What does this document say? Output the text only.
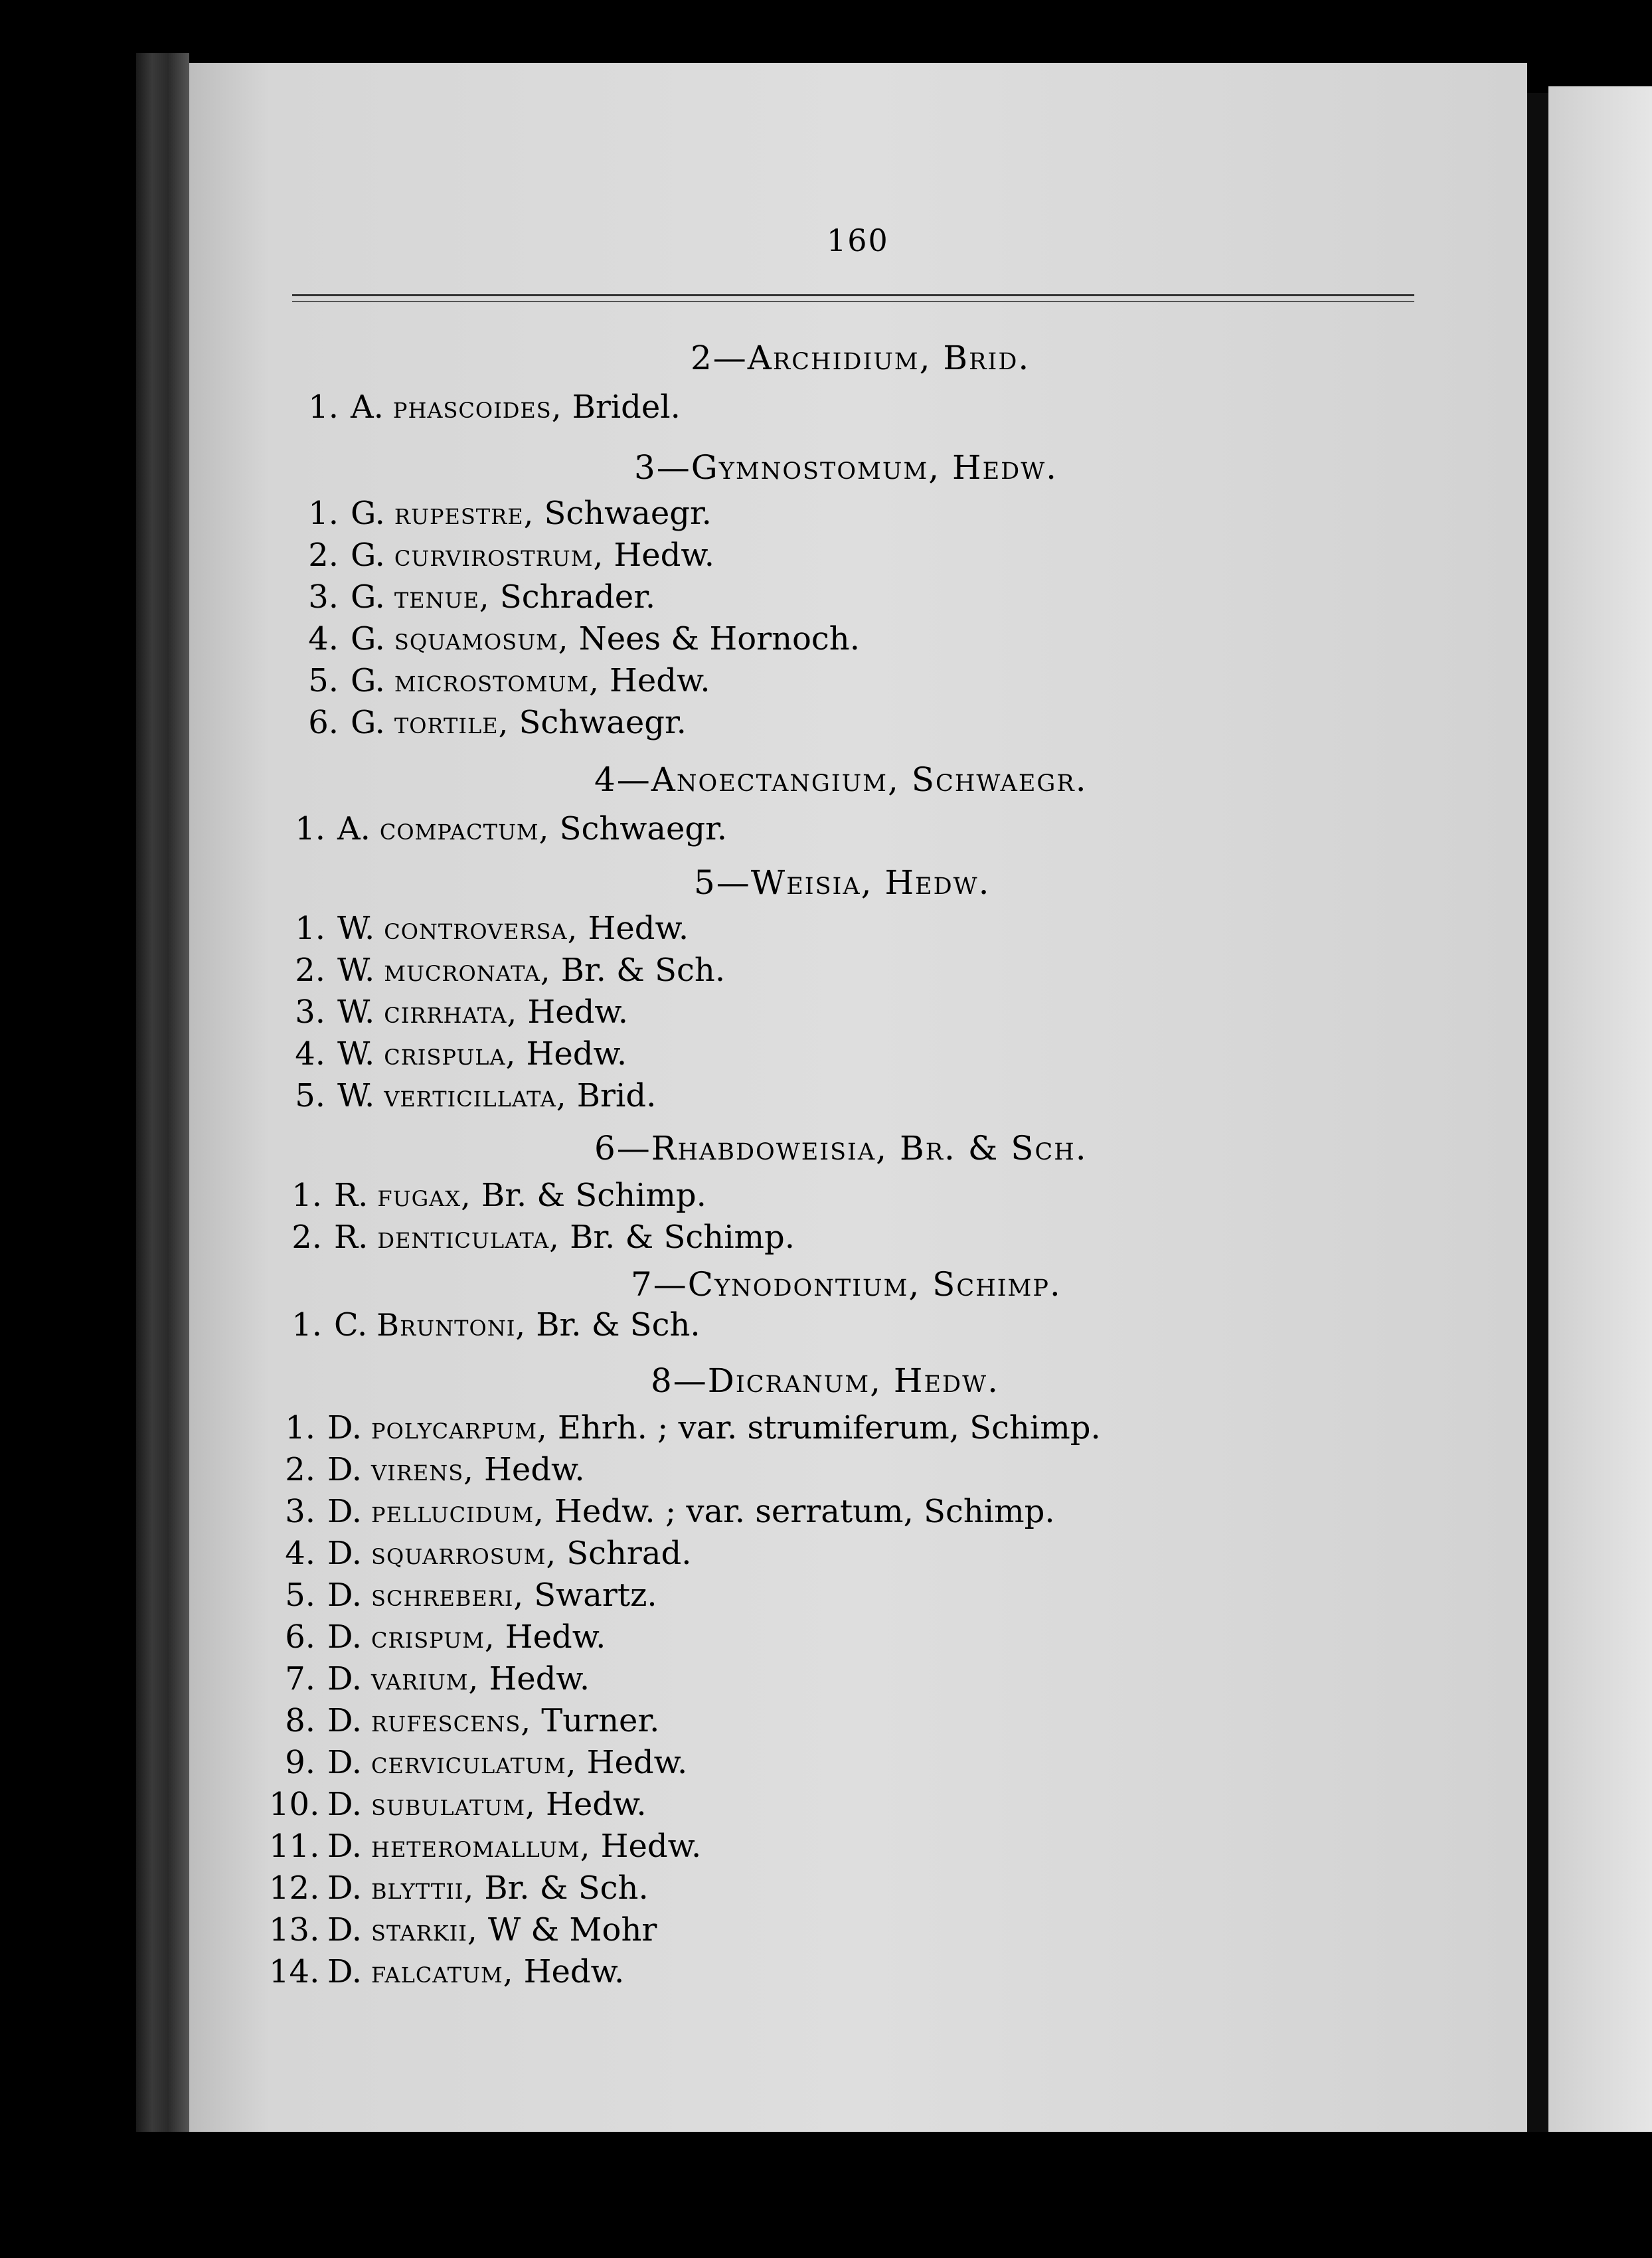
160
2—Archidium, Brid.
1. A. phascoides, Bridel.
3—Gymnostomum, Hedw.
1. G. rupestre, Schwaegr.
2. G. curvirostrum, Hedw.
3. G. tenue, Schrader.
4. G. squamosum, Nees & Hornoch.
5. G. microstomum, Hedw.
6. G. tortile, Schwaegr.
4—Anoectangium, Schwaegr.
1. A. compactum, Schwaegr.
5—Weisia, Hedw.
1. W. controversa, Hedw.
2. W. mucronata, Br. & Sch.
3. W. cirrhata, Hedw.
4. W. crispula, Hedw.
5. W. verticillata, Brid.
6—Rhabdoweisia, Br. & Sch.
1. R. fugax, Br. & Schimp.
2. R. denticulata, Br. & Schimp.
7—Cynodontium, Schimp.
1. C. Bruntoni, Br. & Sch.
8—Dicranum, Hedw.
1. D. polycarpum, Ehrh. ; var. strumiferum, Schimp.
2. D. virens, Hedw.
3. D. pellucidum, Hedw. ; var. serratum, Schimp.
4. D. squarrosum, Schrad.
5. D. schreberi, Swartz.
6. D. crispum, Hedw.
7. D. varium, Hedw.
8. D. rufescens, Turner.
9. D. cerviculatum, Hedw.
10. D. subulatum, Hedw.
11. D. heteromallum, Hedw.
12. D. blyttii, Br. & Sch.
13. D. starkii, W & Mohr
14. D. falcatum, Hedw.
